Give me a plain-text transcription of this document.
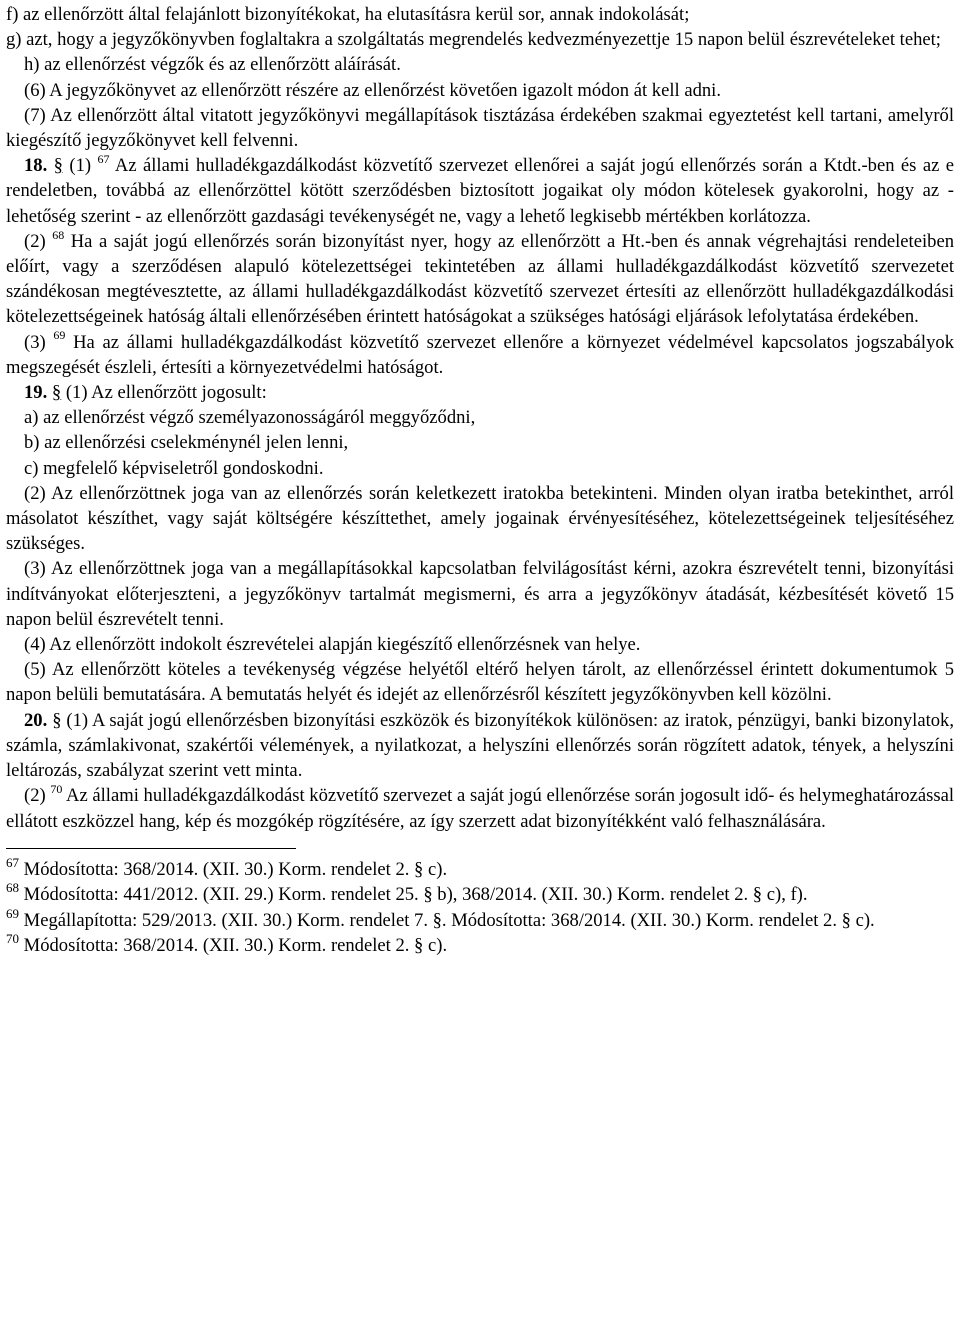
f) az ellenőrzött által felajánlott bizonyítékokat, ha elutasításra kerül sor, annak indokolását;

g) azt, hogy a jegyzőkönyvben foglaltakra a szolgáltatás megrendelés kedvezményezettje 15 napon belül észrevételeket tehet;

h) az ellenőrzést végzők és az ellenőrzött aláírását.

(6) A jegyzőkönyvet az ellenőrzött részére az ellenőrzést követően igazolt módon át kell adni.

(7) Az ellenőrzött által vitatott jegyzőkönyvi megállapítások tisztázása érdekében szakmai egyeztetést kell tartani, amelyről kiegészítő jegyzőkönyvet kell felvenni.

18. § (1) $^{67}$ Az állami hulladékgazdálkodást közvetítő szervezet ellenőrei a saját jogú ellenőrzés során a Ktdt.-ben és az e rendeletben, továbbá az ellenőrzöttel kötött szerződésben biztosított jogaikat oly módon kötelesek gyakorolni, hogy az - lehetőség szerint - az ellenőrzött gazdasági tevékenységét ne, vagy a lehető legkisebb mértékben korlátozza.

(2) $^{68}$ Ha a saját jogú ellenőrzés során bizonyítást nyer, hogy az ellenőrzött a Ht.-ben és annak végrehajtási rendeleteiben előírt, vagy a szerződésen alapuló kötelezettségei tekintetében az állami hulladékgazdálkodást közvetítő szervezetet szándékosan megtévesztette, az állami hulladékgazdálkodást közvetítő szervezet értesíti az ellenőrzött hulladékgazdálkodási kötelezettségeinek hatóság általi ellenőrzésében érintett hatóságokat a szükséges hatósági eljárások lefolytatása érdekében.

(3) $^{69}$ Ha az állami hulladékgazdálkodást közvetítő szervezet ellenőre a környezet védelmével kapcsolatos jogszabályok megszegését észleli, értesíti a környezetvédelmi hatóságot.

19. § (1) Az ellenőrzött jogosult:

a) az ellenőrzést végző személyazonosságáról meggyőződni,

b) az ellenőrzési cselekménynél jelen lenni,

c) megfelelő képviseletről gondoskodni.

(2) Az ellenőrzöttnek joga van az ellenőrzés során keletkezett iratokba betekinteni. Minden olyan iratba betekinthet, arról másolatot készíthet, vagy saját költségére készíttethet, amely jogainak érvényesítéséhez, kötelezettségeinek teljesítéséhez szükséges.

(3) Az ellenőrzöttnek joga van a megállapításokkal kapcsolatban felvilágosítást kérni, azokra észrevételt tenni, bizonyítási indítványokat előterjeszteni, a jegyzőkönyv tartalmát megismerni, és arra a jegyzőkönyv átadását, kézbesítését követő 15 napon belül észrevételt tenni.

(4) Az ellenőrzött indokolt észrevételei alapján kiegészítő ellenőrzésnek van helye.

(5) Az ellenőrzött köteles a tevékenység végzése helyétől eltérő helyen tárolt, az ellenőrzéssel érintett dokumentumok 5 napon belüli bemutatására. A bemutatás helyét és idejét az ellenőrzésről készített jegyzőkönyvben kell közölni.

20. § (1) A saját jogú ellenőrzésben bizonyítási eszközök és bizonyítékok különösen: az iratok, pénzügyi, banki bizonylatok, számla, számlakivonat, szakértői vélemények, a nyilatkozat, a helyszíni ellenőrzés során rögzített adatok, tények, a helyszíni leltározás, szabályzat szerint vett minta.

(2) $^{70}$ Az állami hulladékgazdálkodást közvetítő szervezet a saját jogú ellenőrzése során jogosult idő- és helymeghatározással ellátott eszközzel hang, kép és mozgókép rögzítésére, az így szerzett adat bizonyítékként való felhasználására.

$^{67}$ Módosította: 368/2014. (XII. 30.) Korm. rendelet 2. § c).

$^{68}$ Módosította: 441/2012. (XII. 29.) Korm. rendelet 25. § b), 368/2014. (XII. 30.) Korm. rendelet 2. § c), f).

$^{69}$ Megállapította: 529/2013. (XII. 30.) Korm. rendelet 7. §. Módosította: 368/2014. (XII. 30.) Korm. rendelet 2. § c).

$^{70}$ Módosította: 368/2014. (XII. 30.) Korm. rendelet 2. § c).
